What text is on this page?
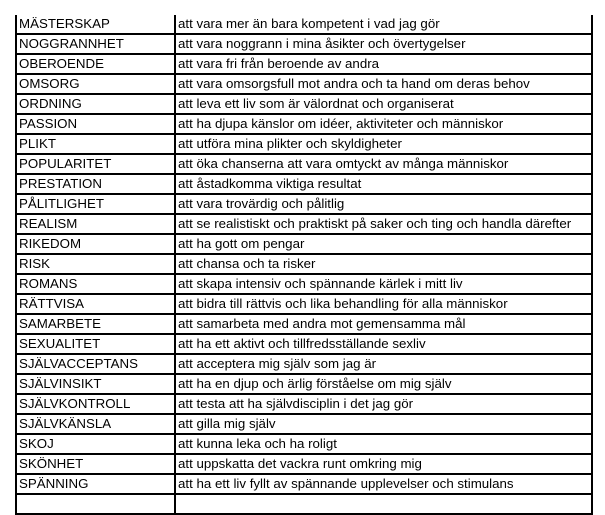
MÄSTERSKAP	att vara mer än bara kompetent i vad jag gör
NOGGRANNHET	att vara noggrann i mina åsikter och övertygelser
OBEROENDE	att vara fri från beroende av andra
OMSORG	att vara omsorgsfull mot andra och ta hand om deras behov
ORDNING	att leva ett liv som är välordnat och organiserat
PASSION	att ha djupa känslor om idéer, aktiviteter och människor
PLIKT	att utföra mina plikter och skyldigheter
POPULARITET	att öka chanserna att vara omtyckt av många människor
PRESTATION	att åstadkomma viktiga resultat
PÅLITLIGHET	att vara trovärdig och pålitlig
REALISM	att se realistiskt och praktiskt på saker och ting och handla därefter
RIKEDOM	att ha gott om pengar
RISK	att chansa och ta risker
ROMANS	att skapa intensiv och spännande kärlek i mitt liv
RÄTTVISA	att bidra till rättvis och lika behandling för alla människor
SAMARBETE	att samarbeta med andra mot gemensamma mål
SEXUALITET	att ha ett aktivt och tillfredsställande sexliv
SJÄLVACCEPTANS	att acceptera mig själv som jag är
SJÄLVINSIKT	att ha en djup och ärlig förståelse om mig själv
SJÄLVKONTROLL	att testa att ha självdisciplin i det jag gör
SJÄLVKÄNSLA	att gilla mig själv
SKOJ	att kunna leka och ha roligt
SKÖNHET	att uppskatta det vackra runt omkring mig
SPÄNNING	att ha ett liv fyllt av spännande upplevelser och stimulans
